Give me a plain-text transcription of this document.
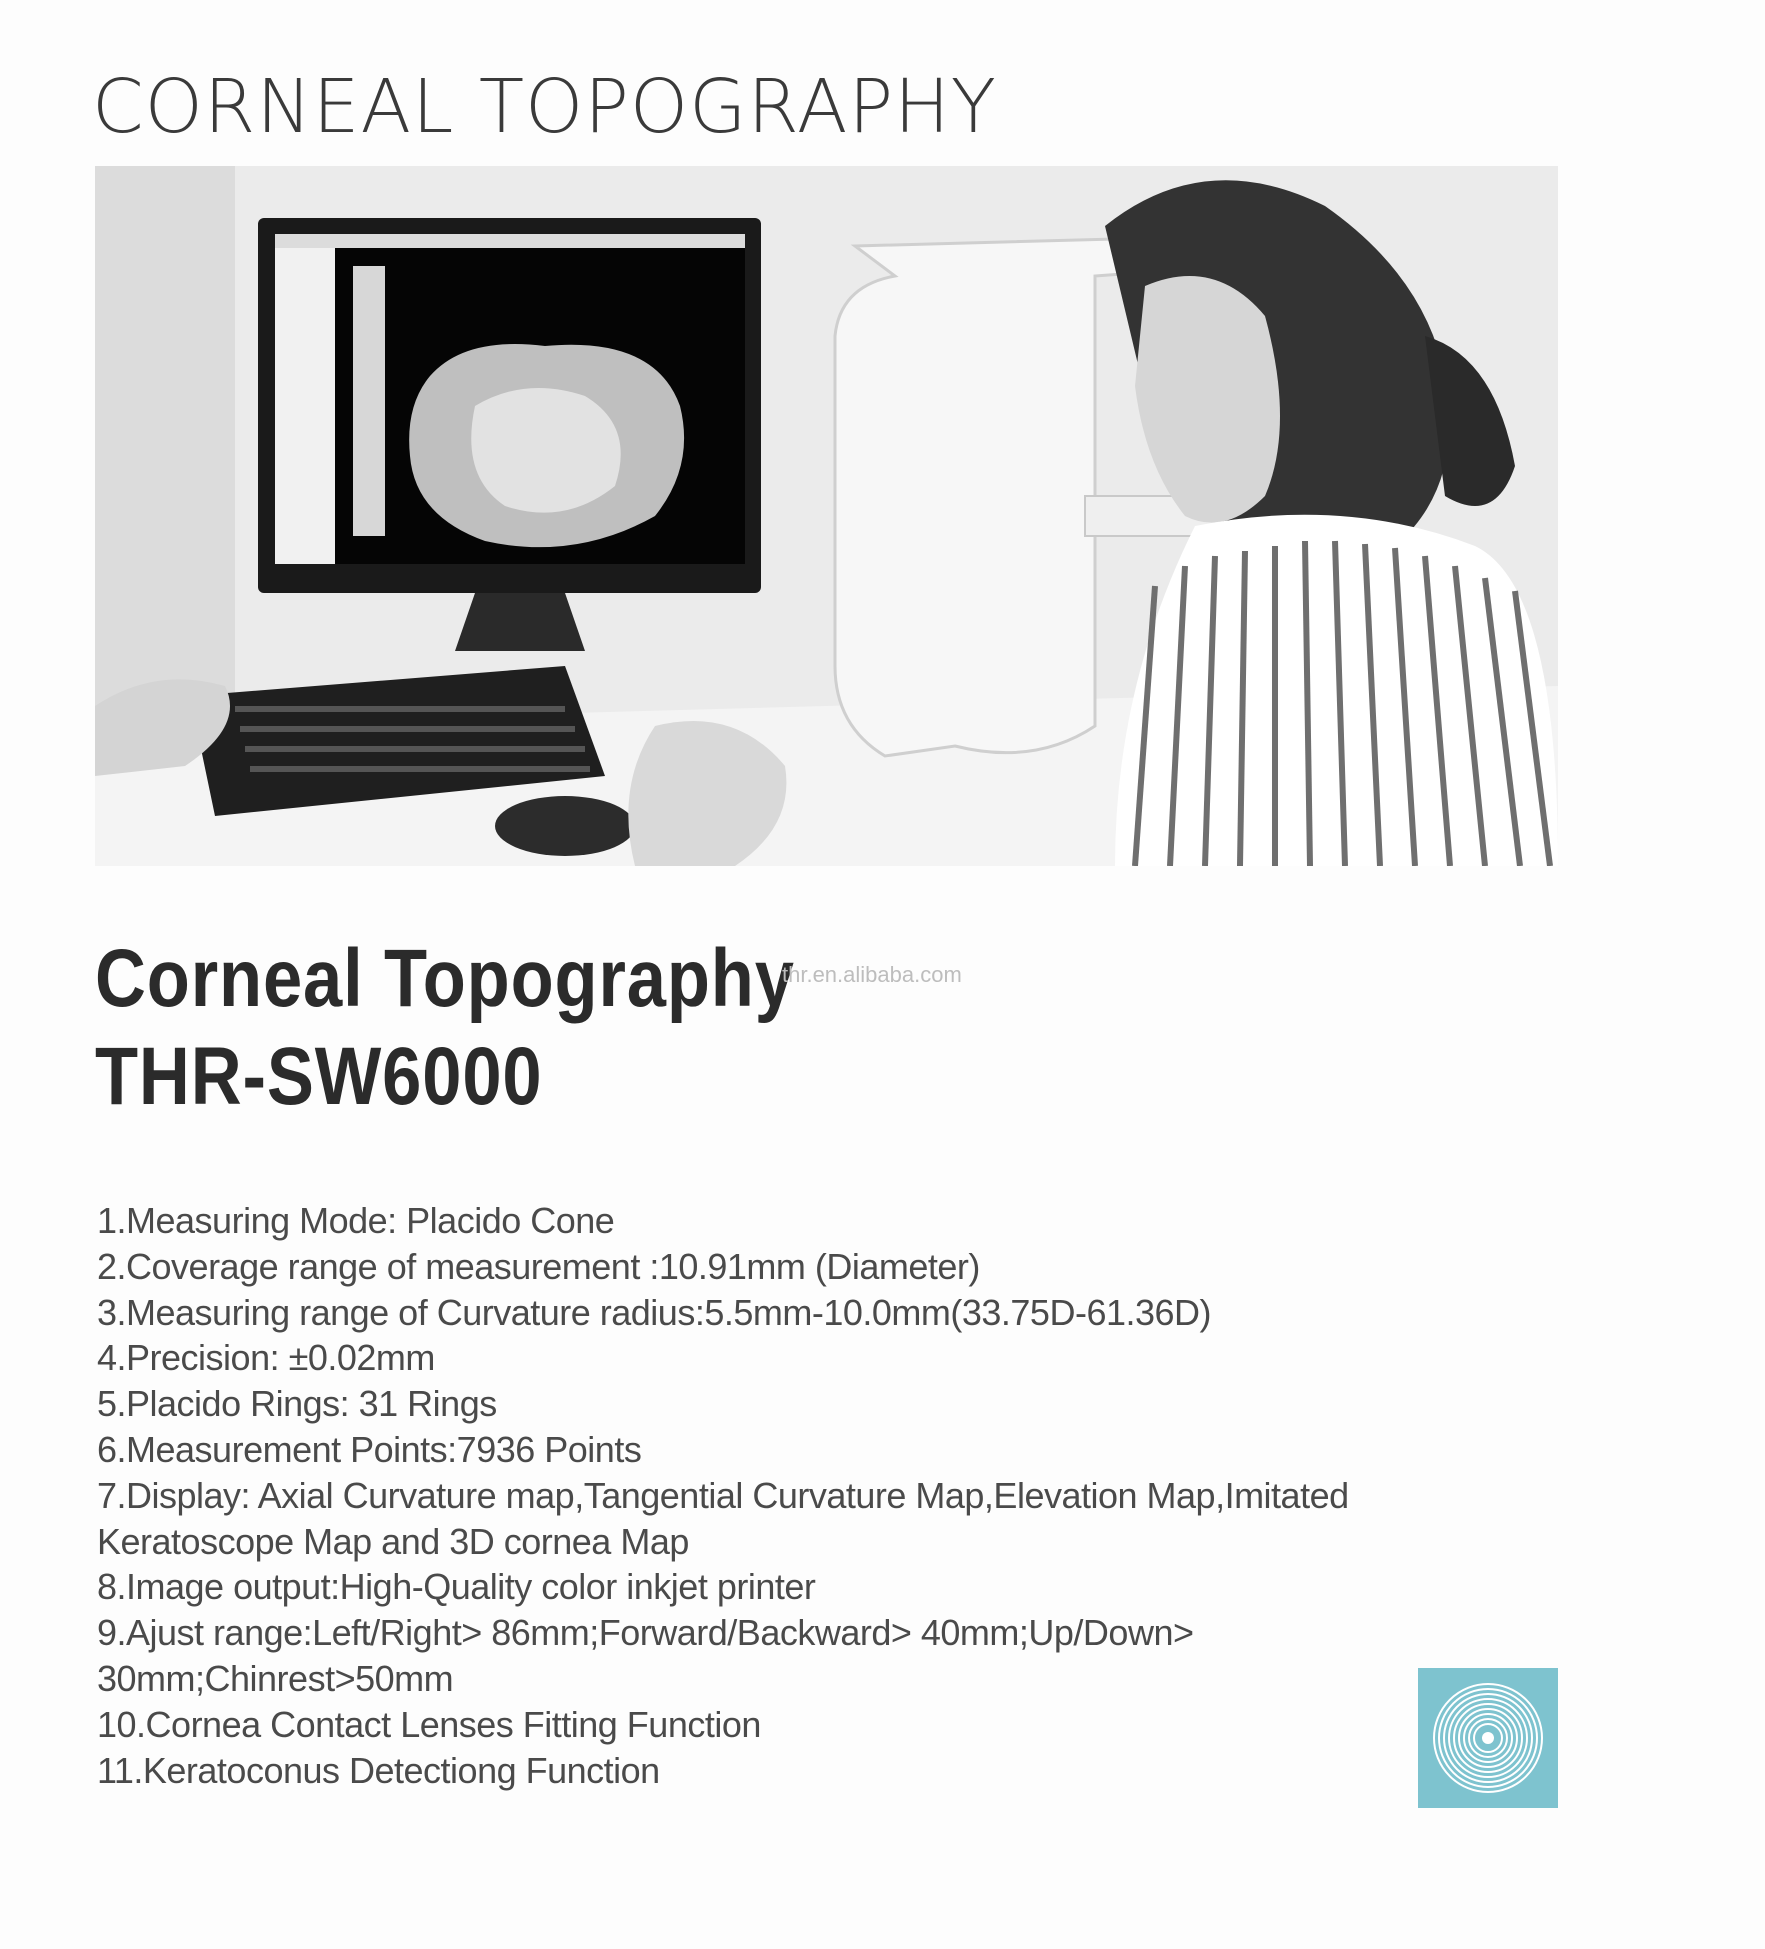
CORNEAL TOPOGRAPHY
Corneal Topography
THR-SW6000
thr.en.alibaba.com
1.Measuring Mode: Placido Cone
2.Coverage range of measurement :10.91mm (Diameter)
3.Measuring range of Curvature radius:5.5mm-10.0mm(33.75D-61.36D)
4.Precision: ±0.02mm
5.Placido Rings: 31 Rings
6.Measurement Points:7936 Points
7.Display: Axial Curvature map,Tangential Curvature Map,Elevation Map,Imitated
Keratoscope Map and 3D cornea Map
8.Image output:High-Quality color inkjet printer
9.Ajust range:Left/Right> 86mm;Forward/Backward> 40mm;Up/Down>
30mm;Chinrest>50mm
10.Cornea Contact Lenses Fitting Function
11.Keratoconus Detectiong Function
